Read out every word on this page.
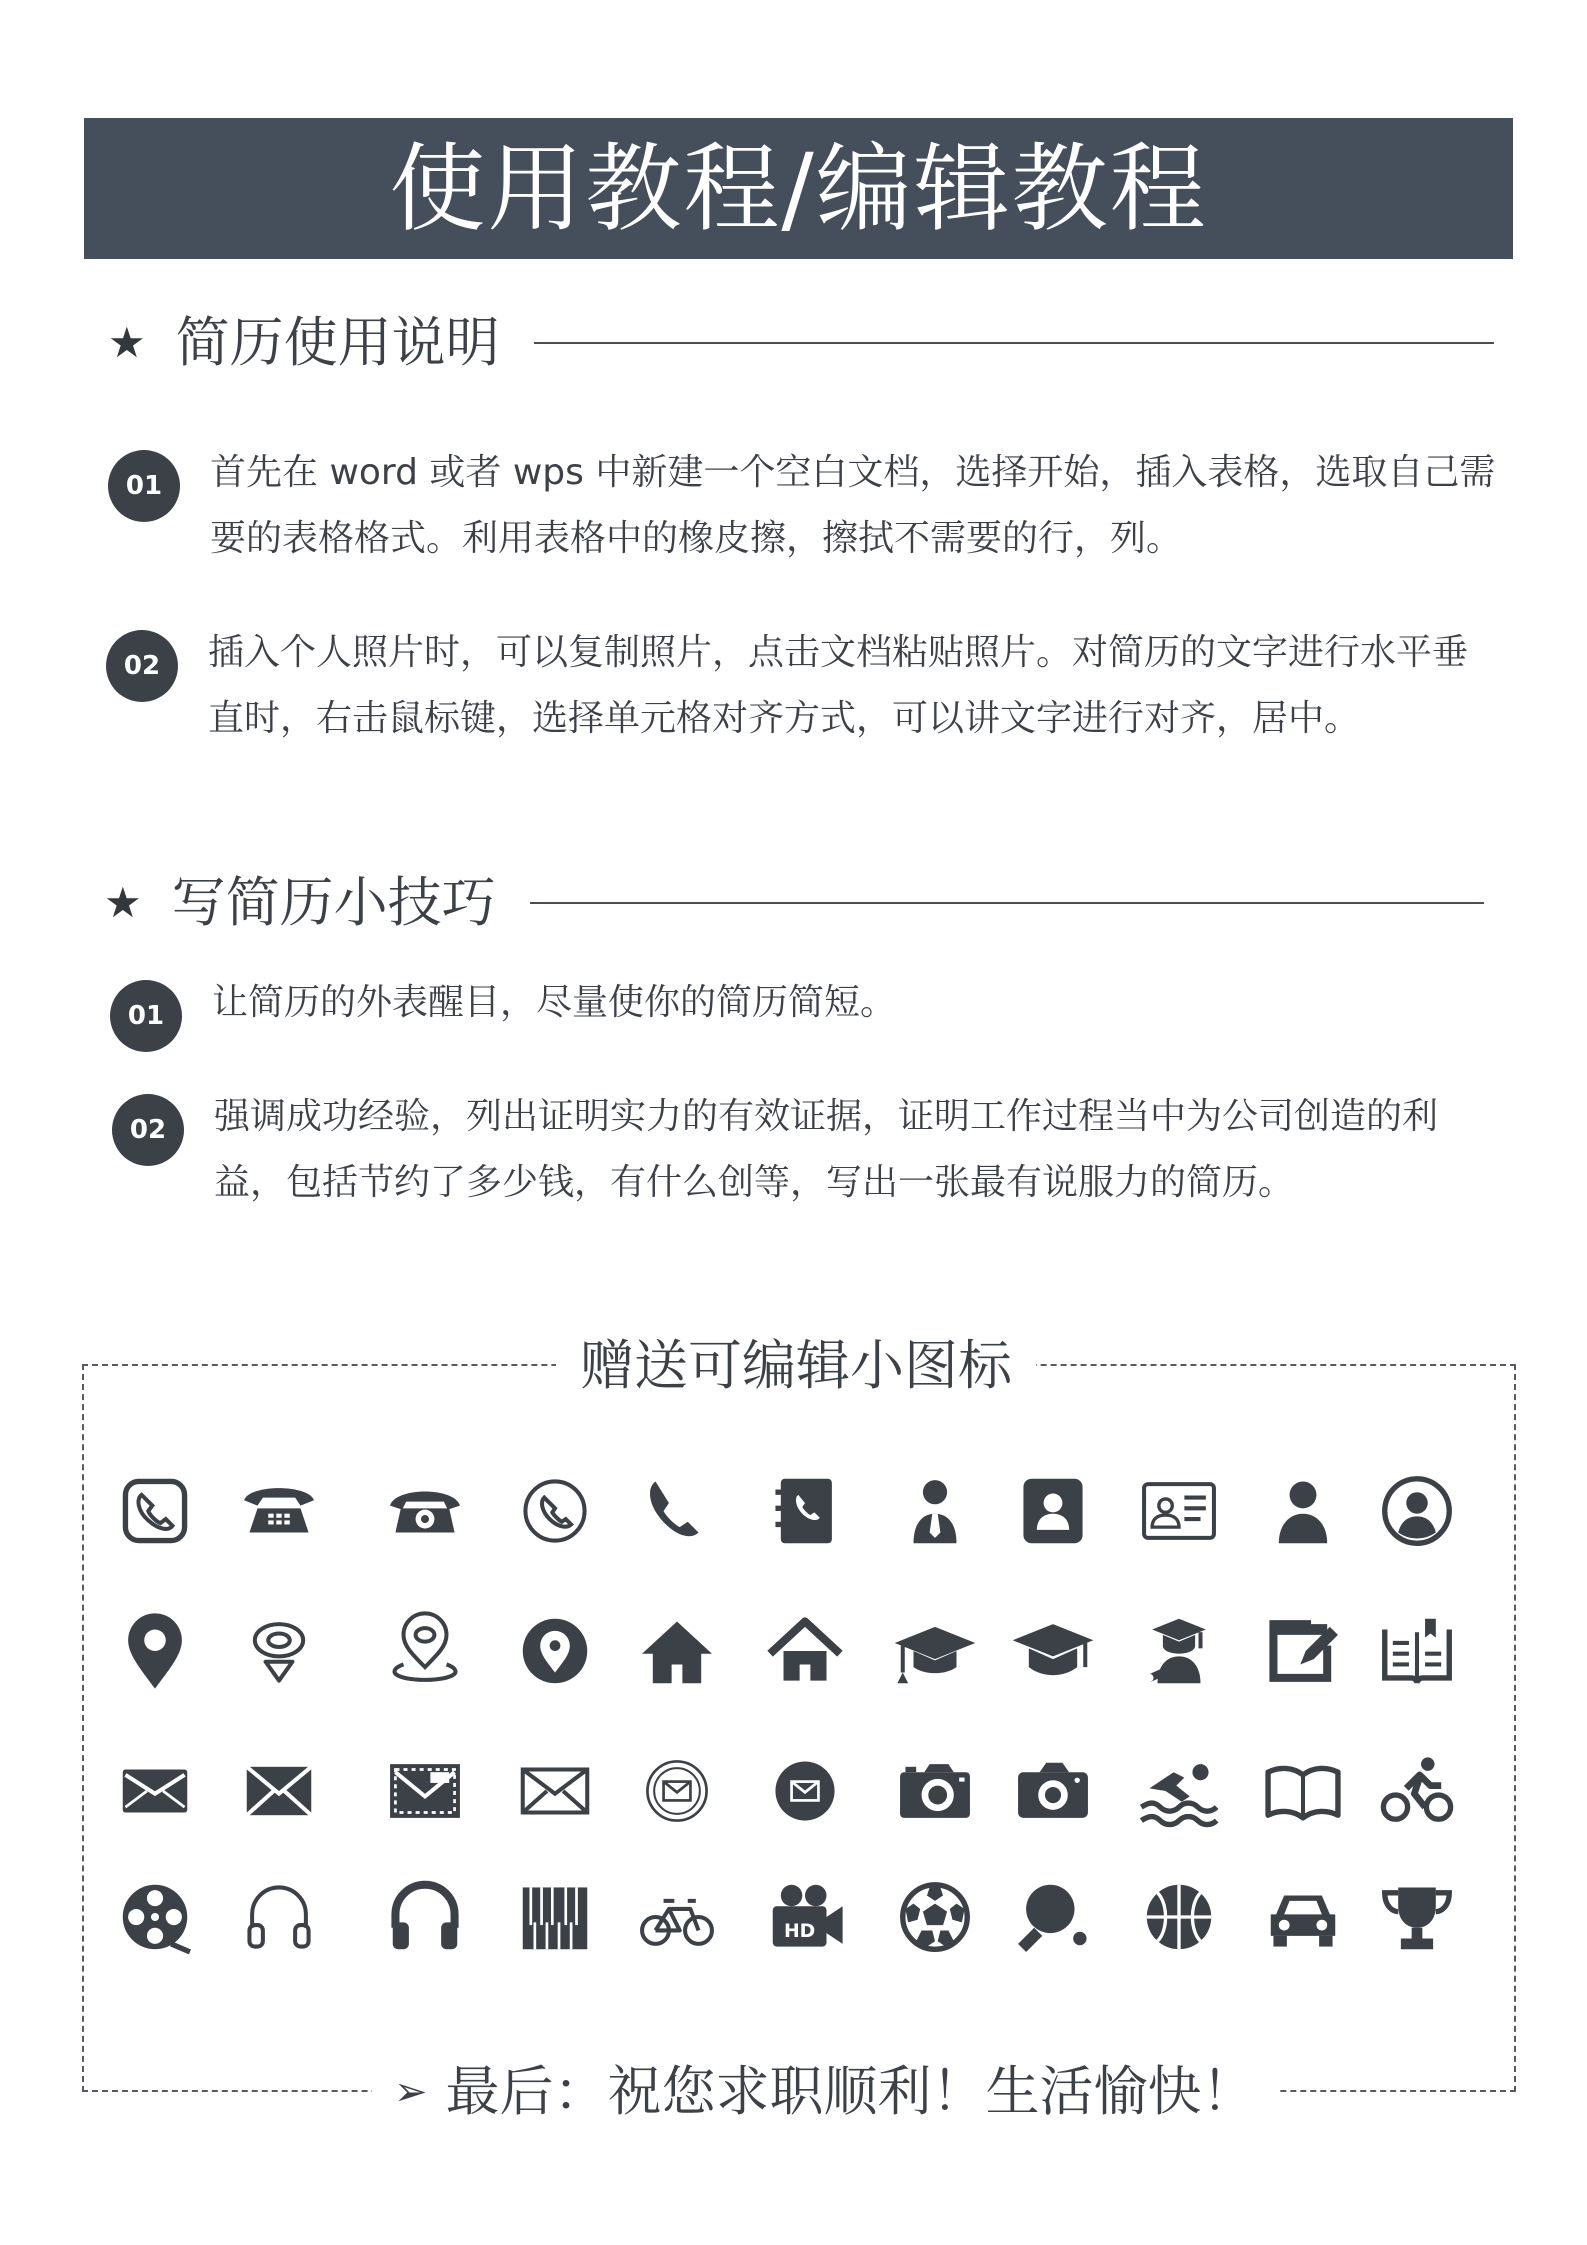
使用教程/编辑教程
★ 简历使用说明
01	首先在 word 或者 wps 中新建一个空白文档，选择开始，插入表格，选取自己需要的表格格式。利用表格中的橡皮擦，擦拭不需要的行，列。
02	插入个人照片时，可以复制照片，点击文档粘贴照片。对简历的文字进行水平垂直时，右击鼠标键，选择单元格对齐方式，可以讲文字进行对齐，居中。
★ 写简历小技巧
01	让简历的外表醒目，尽量使你的简历简短。
02	强调成功经验，列出证明实力的有效证据，证明工作过程当中为公司创造的利益，包括节约了多少钱，有什么创等，写出一张最有说服力的简历。
赠送可编辑小图标
➢ 最后：祝您求职顺利！生活愉快！
HD
